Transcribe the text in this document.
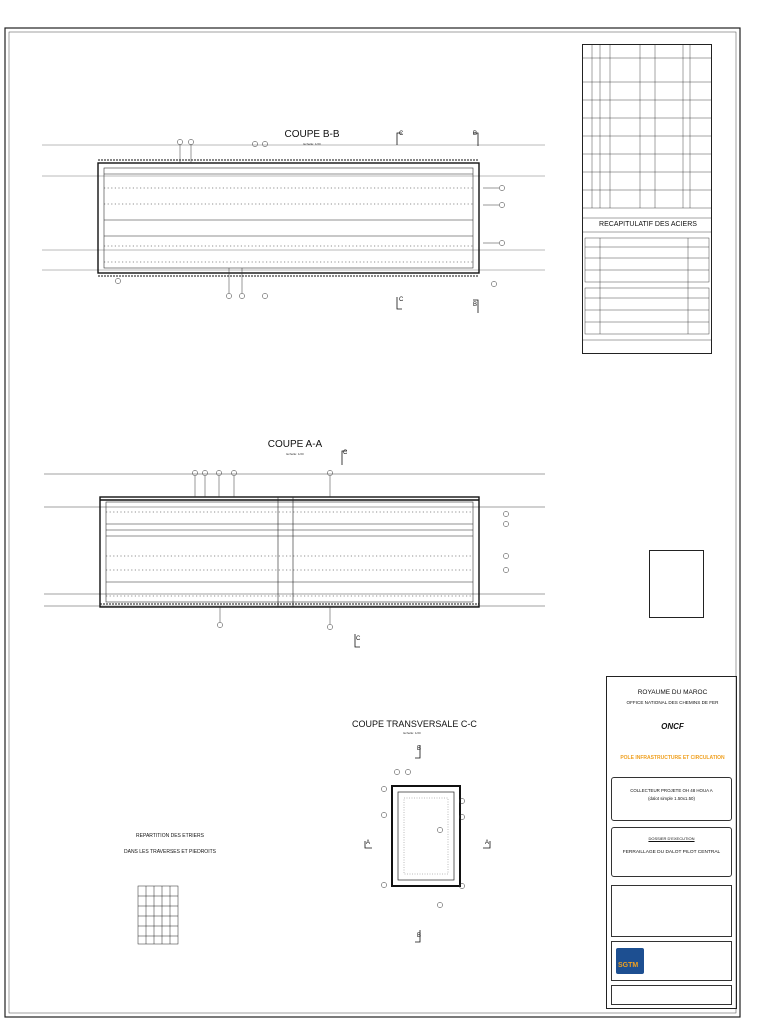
COUPE B-B
Echelle: 1/20
COUPE A-A
Echelle: 1/20
COUPE TRANSVERSALE C-C
Echelle: 1/20
C
C
B
B
C
C
A	A
B
B
REPARTITION DES ETRIERS
DANS LES TRAVERSES ET PIEDROITS
RECAPITULATIF DES ACIERS
ROYAUME DU MAROC
OFFICE NATIONAL DES CHEMINS DE FER
ONCF
POLE INFRASTRUCTURE ET CIRCULATION
COLLECTEUR PROJETE OH 48 HOUA A
(dalot simple 1.50x1.50)
DOSSIER D'EXECUTION
FERRAILLAGE DU DALOT PILOT CENTRAL
SGTM
